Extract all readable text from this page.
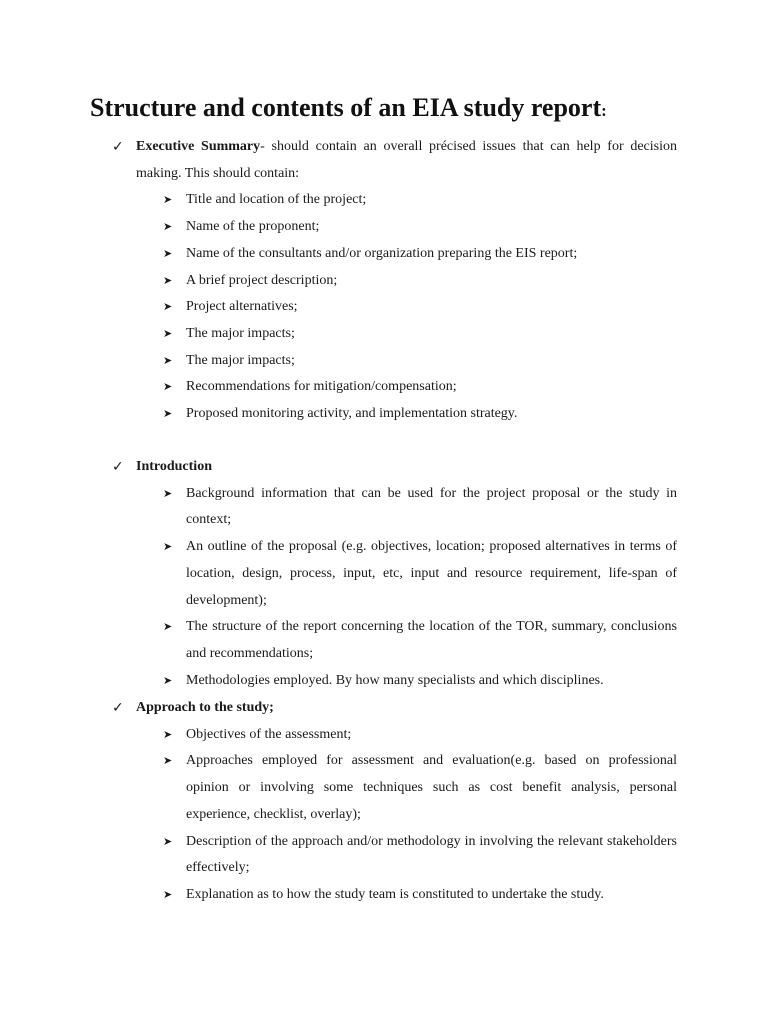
Structure and contents of an EIA study report:
✓ Executive Summary- should contain an overall précised issues that can help for decision making. This should contain:
➤ Title and location of the project;
➤ Name of the proponent;
➤ Name of the consultants and/or organization preparing the EIS report;
➤ A brief project description;
➤ Project alternatives;
➤ The major impacts;
➤ The major impacts;
➤ Recommendations for mitigation/compensation;
➤ Proposed monitoring activity, and implementation strategy.
✓ Introduction
➤ Background information that can be used for the project proposal or the study in context;
➤ An outline of the proposal (e.g. objectives, location; proposed alternatives in terms of location, design, process, input, etc, input and resource requirement, life-span of development);
➤ The structure of the report concerning the location of the TOR, summary, conclusions and recommendations;
➤ Methodologies employed. By how many specialists and which disciplines.
✓ Approach to the study;
➤ Objectives of the assessment;
➤ Approaches employed for assessment and evaluation(e.g. based on professional opinion or involving some techniques such as cost benefit analysis, personal experience, checklist, overlay);
➤ Description of the approach and/or methodology in involving the relevant stakeholders effectively;
➤ Explanation as to how the study team is constituted to undertake the study.
